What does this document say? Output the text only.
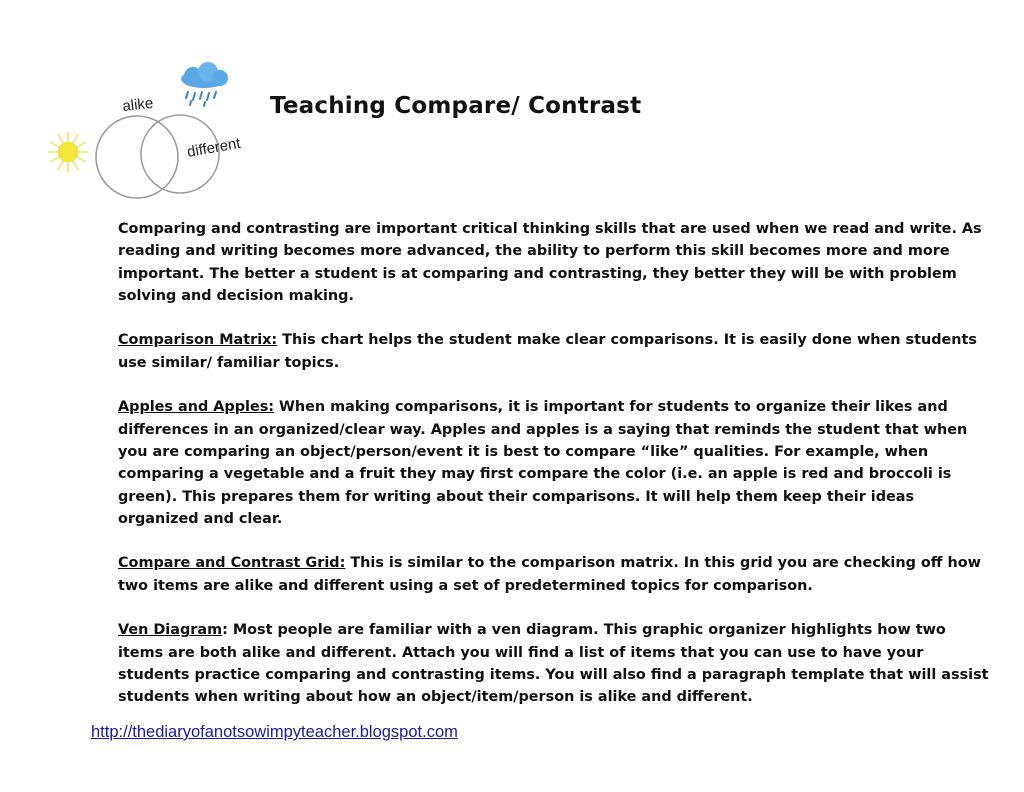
alike
different
Teaching Compare/ Contrast

Comparing and contrasting are important critical thinking skills that are used when we read and write. As reading and writing becomes more advanced, the ability to perform this skill becomes more and more important. The better a student is at comparing and contrasting, they better they will be with problem solving and decision making.

Comparison Matrix: This chart helps the student make clear comparisons. It is easily done when students use similar/ familiar topics.

Apples and Apples: When making comparisons, it is important for students to organize their likes and differences in an organized/clear way. Apples and apples is a saying that reminds the student that when you are comparing an object/person/event it is best to compare “like” qualities. For example, when comparing a vegetable and a fruit they may first compare the color (i.e. an apple is red and broccoli is green). This prepares them for writing about their comparisons. It will help them keep their ideas organized and clear.

Compare and Contrast Grid: This is similar to the comparison matrix. In this grid you are checking off how two items are alike and different using a set of predetermined topics for comparison.

Ven Diagram: Most people are familiar with a ven diagram. This graphic organizer highlights how two items are both alike and different. Attach you will find a list of items that you can use to have your students practice comparing and contrasting items. You will also find a paragraph template that will assist students when writing about how an object/item/person is alike and different.

http://thediaryofanotsowimpyteacher.blogspot.com
